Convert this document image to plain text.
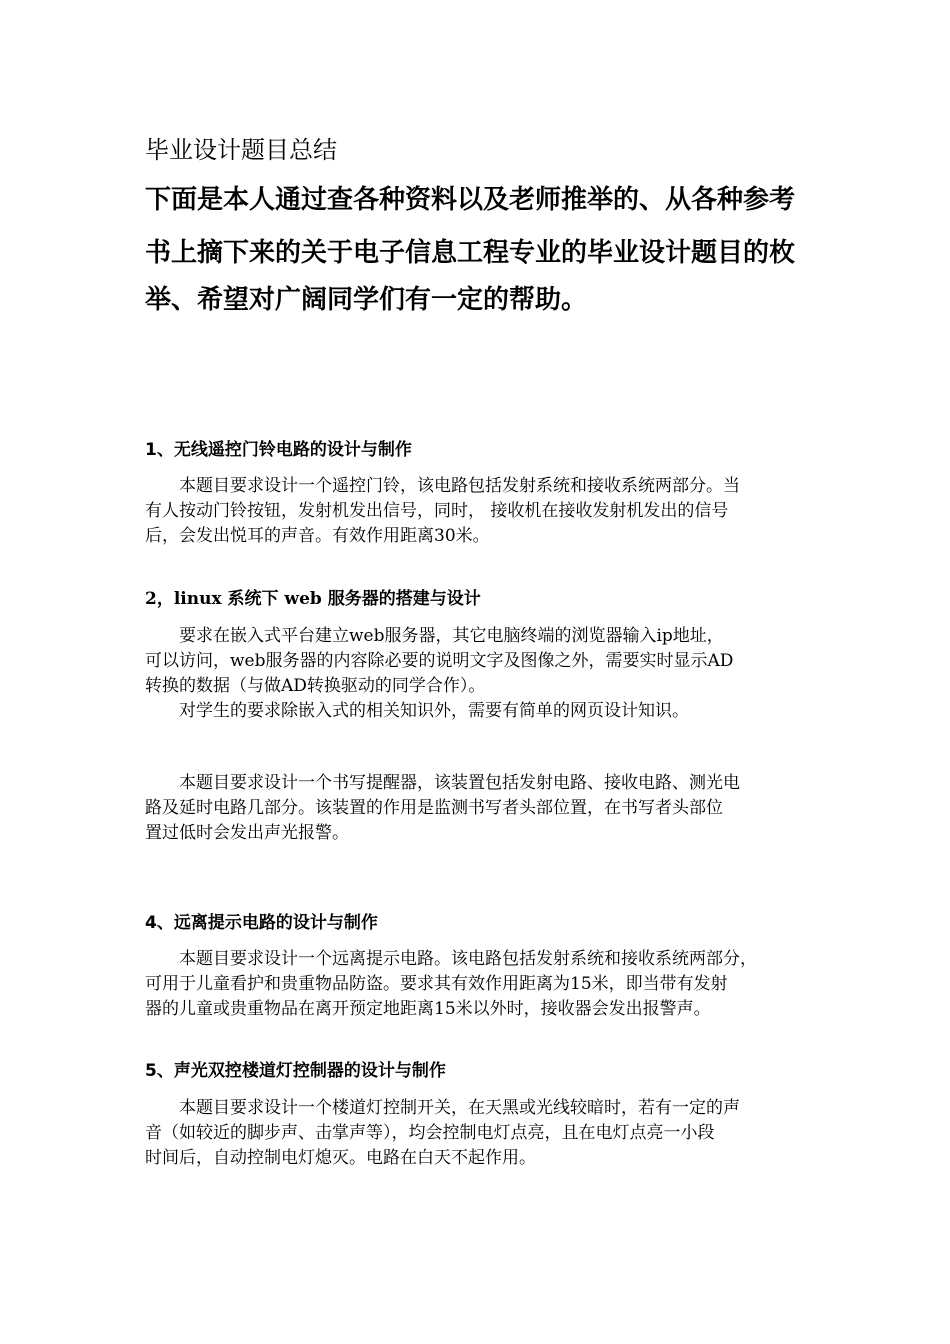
毕业设计题目总结

下面是本人通过查各种资料以及老师推举的、从各种参考

书上摘下来的关于电子信息工程专业的毕业设计题目的枚

举、希望对广阔同学们有一定的帮助。

1、无线遥控门铃电路的设计与制作

　　本题目要求设计一个遥控门铃，该电路包括发射系统和接收系统两部分。当

有人按动门铃按钮，发射机发出信号，同时， 接收机在接收发射机发出的信号

后，会发出悦耳的声音。有效作用距离30米。

2，linux 系统下 web 服务器的搭建与设计

　　要求在嵌入式平台建立web服务器，其它电脑终端的浏览器输入ip地址，

可以访问，web服务器的内容除必要的说明文字及图像之外，需要实时显示AD

转换的数据（与做AD转换驱动的同学合作）。

　　对学生的要求除嵌入式的相关知识外，需要有简单的网页设计知识。

　　本题目要求设计一个书写提醒器，该装置包括发射电路、接收电路、测光电

路及延时电路几部分。该装置的作用是监测书写者头部位置，在书写者头部位

置过低时会发出声光报警。

4、远离提示电路的设计与制作

　　本题目要求设计一个远离提示电路。该电路包括发射系统和接收系统两部分，

可用于儿童看护和贵重物品防盗。要求其有效作用距离为15米，即当带有发射

器的儿童或贵重物品在离开预定地距离15米以外时，接收器会发出报警声。

5、声光双控楼道灯控制器的设计与制作

　　本题目要求设计一个楼道灯控制开关，在天黑或光线较暗时，若有一定的声

音（如较近的脚步声、击掌声等），均会控制电灯点亮，且在电灯点亮一小段

时间后，自动控制电灯熄灭。电路在白天不起作用。
